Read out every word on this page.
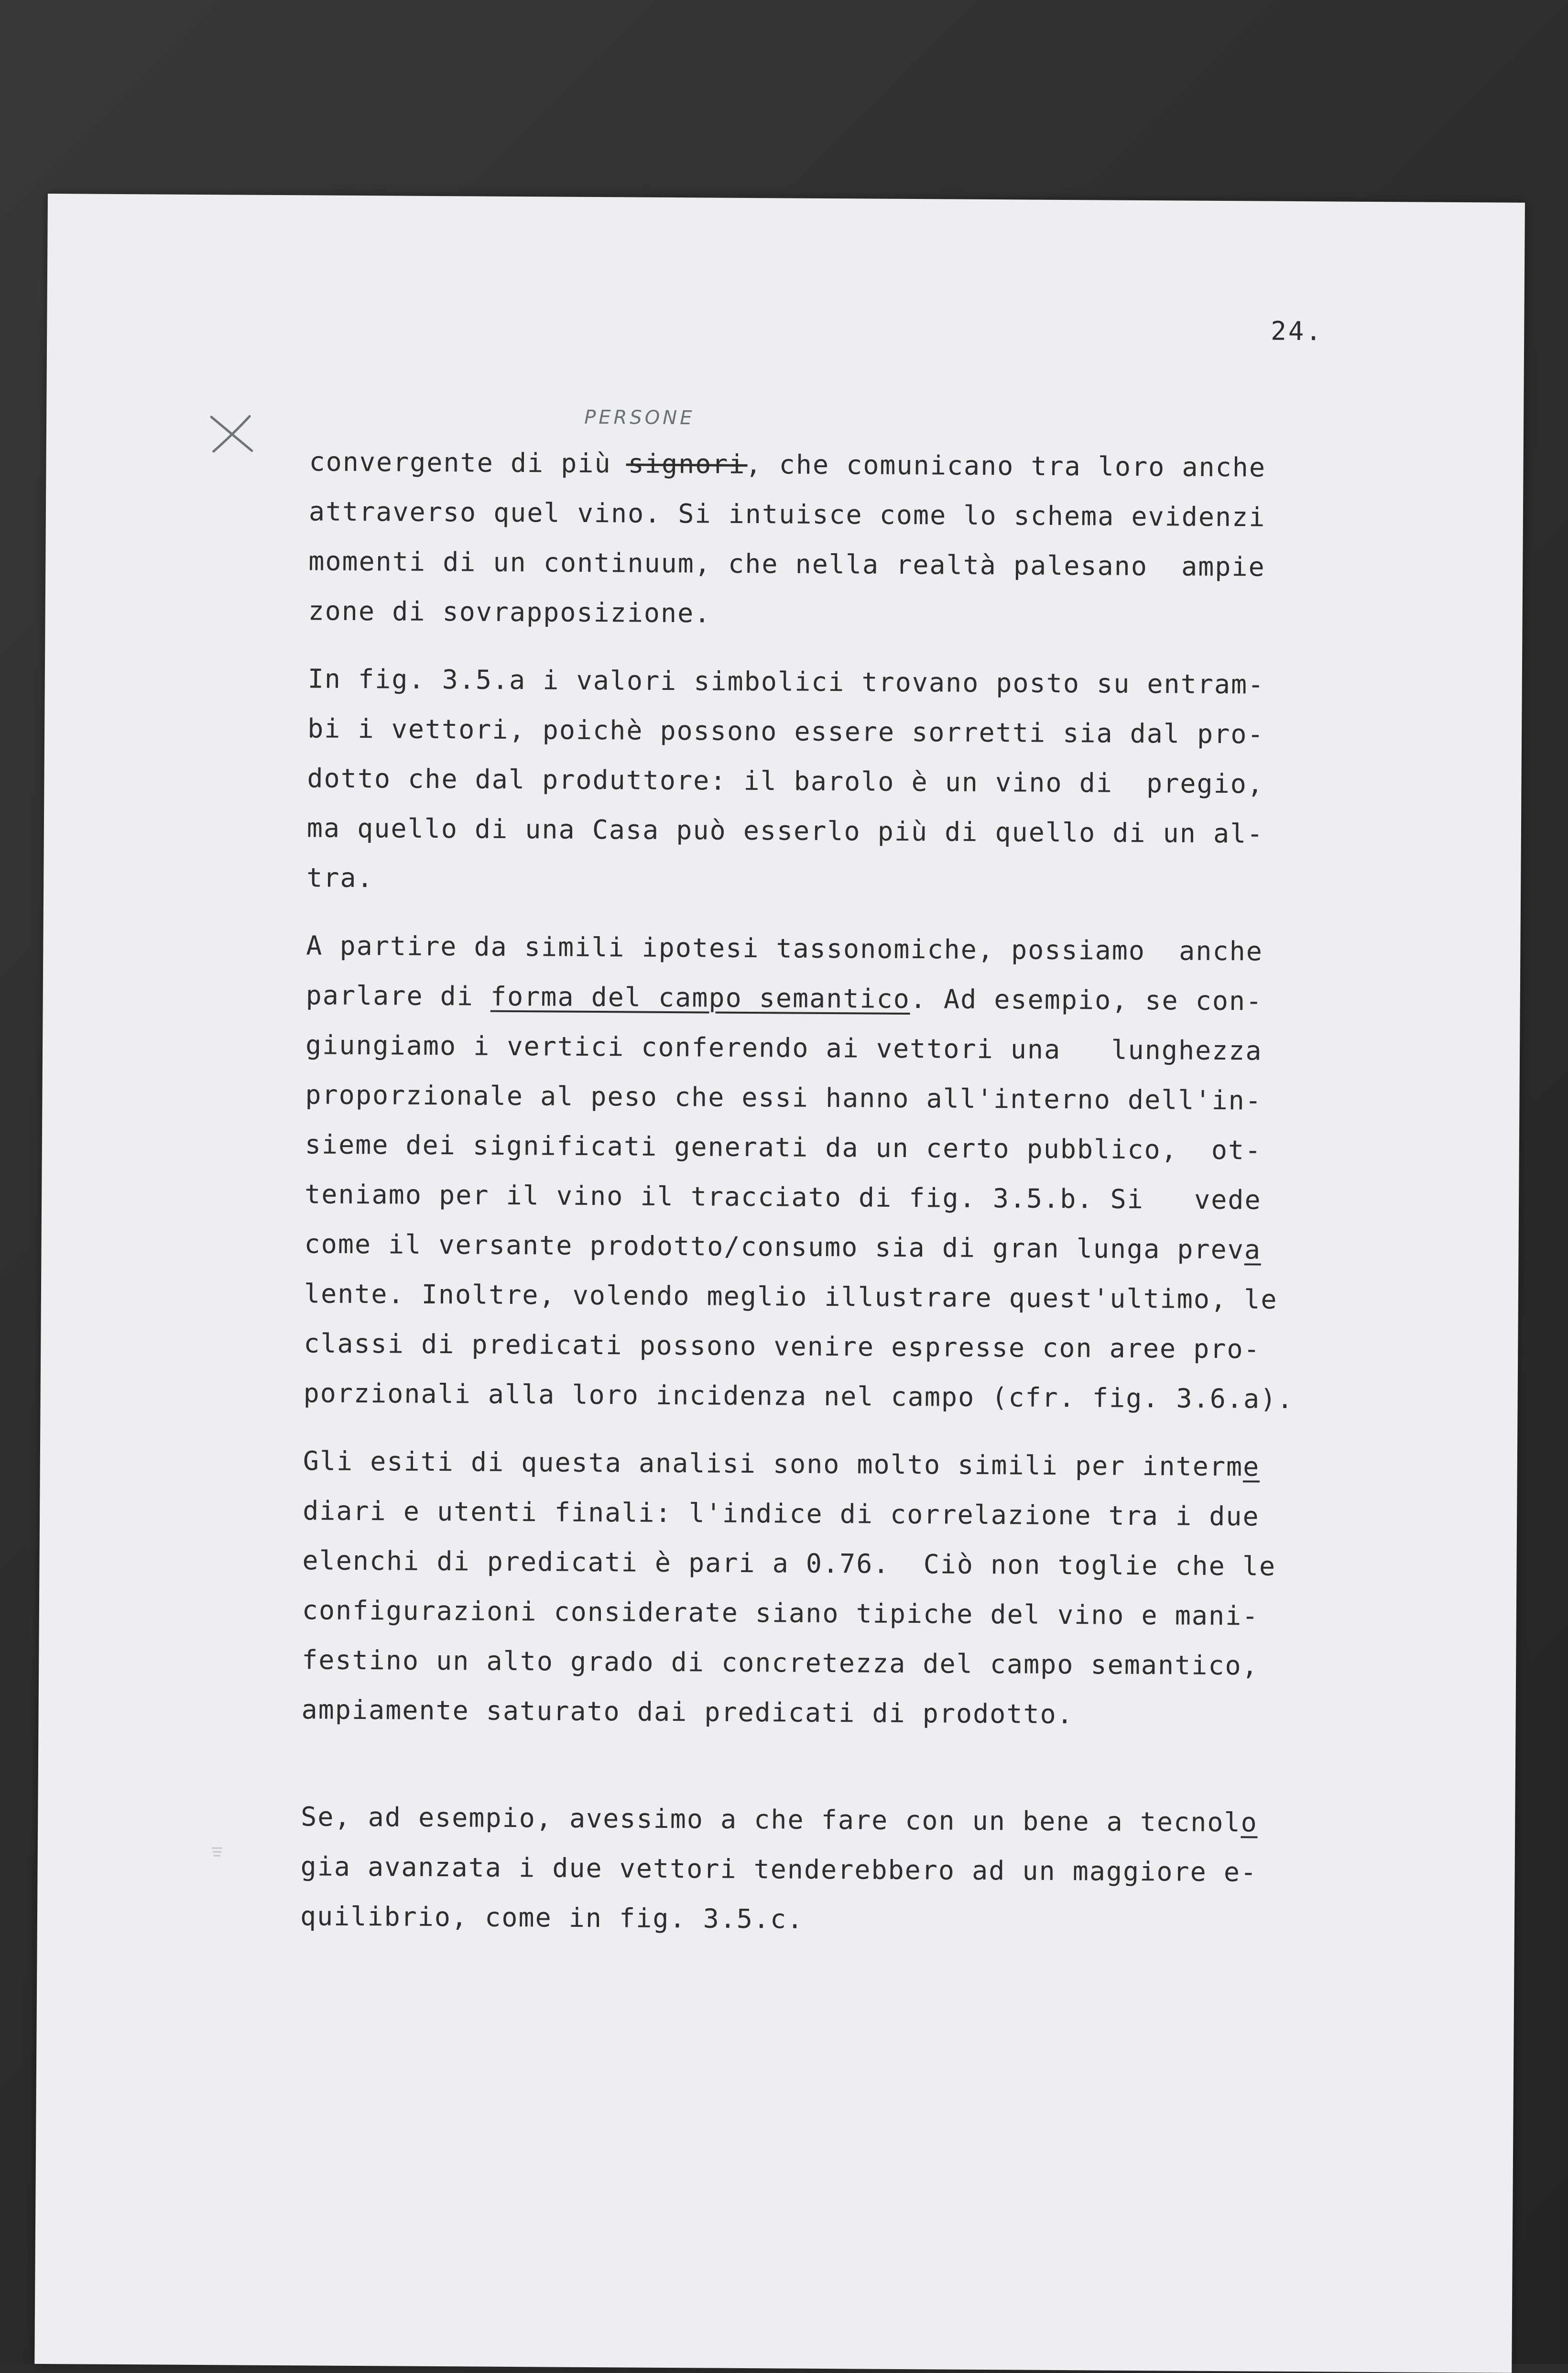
24.
PERSONE
convergente di più signori, che comunicano tra loro anche
attraverso quel vino. Si intuisce come lo schema evidenzi
momenti di un continuum, che nella realtà palesano  ampie
zone di sovrapposizione.
In fig. 3.5.a i valori simbolici trovano posto su entram-
bi i vettori, poichè possono essere sorretti sia dal pro-
dotto che dal produttore: il barolo è un vino di  pregio,
ma quello di una Casa può esserlo più di quello di un al-
tra.
A partire da simili ipotesi tassonomiche, possiamo  anche
parlare di forma del campo semantico. Ad esempio, se con-
giungiamo i vertici conferendo ai vettori una   lunghezza
proporzionale al peso che essi hanno all'interno dell'in-
sieme dei significati generati da un certo pubblico,  ot-
teniamo per il vino il tracciato di fig. 3.5.b. Si   vede
come il versante prodotto/consumo sia di gran lunga preva
lente. Inoltre, volendo meglio illustrare quest'ultimo, le
classi di predicati possono venire espresse con aree pro-
porzionali alla loro incidenza nel campo (cfr. fig. 3.6.a).
Gli esiti di questa analisi sono molto simili per interme
diari e utenti finali: l'indice di correlazione tra i due
elenchi di predicati è pari a 0.76.  Ciò non toglie che le
configurazioni considerate siano tipiche del vino e mani-
festino un alto grado di concretezza del campo semantico,
ampiamente saturato dai predicati di prodotto.
Se, ad esempio, avessimo a che fare con un bene a tecnolo
gia avanzata i due vettori tenderebbero ad un maggiore e-
quilibrio, come in fig. 3.5.c.
